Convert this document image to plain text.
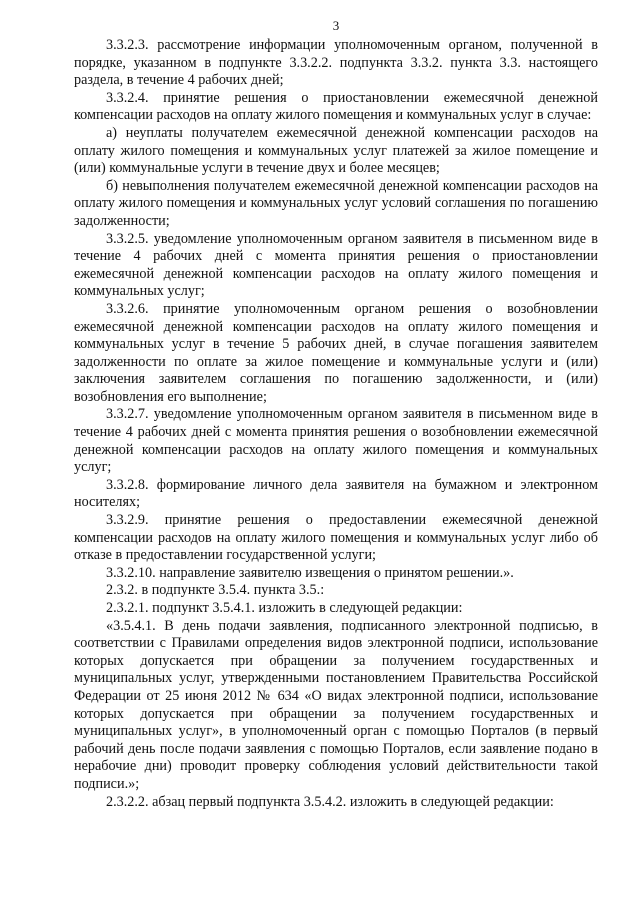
3

3.3.2.3. рассмотрение информации уполномоченным органом, полученной в порядке, указанном в подпункте 3.3.2.2. подпункта 3.3.2. пункта 3.3. настоящего раздела, в течение 4 рабочих дней;

3.3.2.4. принятие решения о приостановлении ежемесячной денежной компенсации расходов на оплату жилого помещения и коммунальных услуг в случае:

а) неуплаты получателем ежемесячной денежной компенсации расходов на оплату жилого помещения и коммунальных услуг платежей за жилое помещение и (или) коммунальные услуги в течение двух и более месяцев;

б) невыполнения получателем ежемесячной денежной компенсации расходов на оплату жилого помещения и коммунальных услуг условий соглашения по погашению задолженности;

3.3.2.5. уведомление уполномоченным органом заявителя в письменном виде в течение 4 рабочих дней с момента принятия решения о приостановлении ежемесячной денежной компенсации расходов на оплату жилого помещения и коммунальных услуг;

3.3.2.6. принятие уполномоченным органом решения о возобновлении ежемесячной денежной компенсации расходов на оплату жилого помещения и коммунальных услуг в течение 5 рабочих дней, в случае погашения заявителем задолженности по оплате за жилое помещение и коммунальные услуги и (или) заключения заявителем соглашения по погашению задолженности, и (или) возобновления его выполнение;

3.3.2.7. уведомление уполномоченным органом заявителя в письменном виде в течение 4 рабочих дней с момента принятия решения о возобновлении ежемесячной денежной компенсации расходов на оплату жилого помещения и коммунальных услуг;

3.3.2.8. формирование личного дела заявителя на бумажном и электронном носителях;

3.3.2.9. принятие решения о предоставлении ежемесячной денежной компенсации расходов на оплату жилого помещения и коммунальных услуг либо об отказе в предоставлении государственной услуги;

3.3.2.10. направление заявителю извещения о принятом решении.».

2.3.2. в подпункте 3.5.4. пункта 3.5.:

2.3.2.1. подпункт 3.5.4.1. изложить в следующей редакции:

«3.5.4.1. В день подачи заявления, подписанного электронной подписью, в соответствии с Правилами определения видов электронной подписи, использование которых допускается при обращении за получением государственных и муниципальных услуг, утвержденными постановлением Правительства Российской Федерации от 25 июня 2012 № 634 «О видах электронной подписи, использование которых допускается при обращении за получением государственных и муниципальных услуг», в уполномоченный орган с помощью Порталов (в первый рабочий день после подачи заявления с помощью Порталов, если заявление подано в нерабочие дни) проводит проверку соблюдения условий действительности такой подписи.»;

2.3.2.2. абзац первый подпункта 3.5.4.2. изложить в следующей редакции:
